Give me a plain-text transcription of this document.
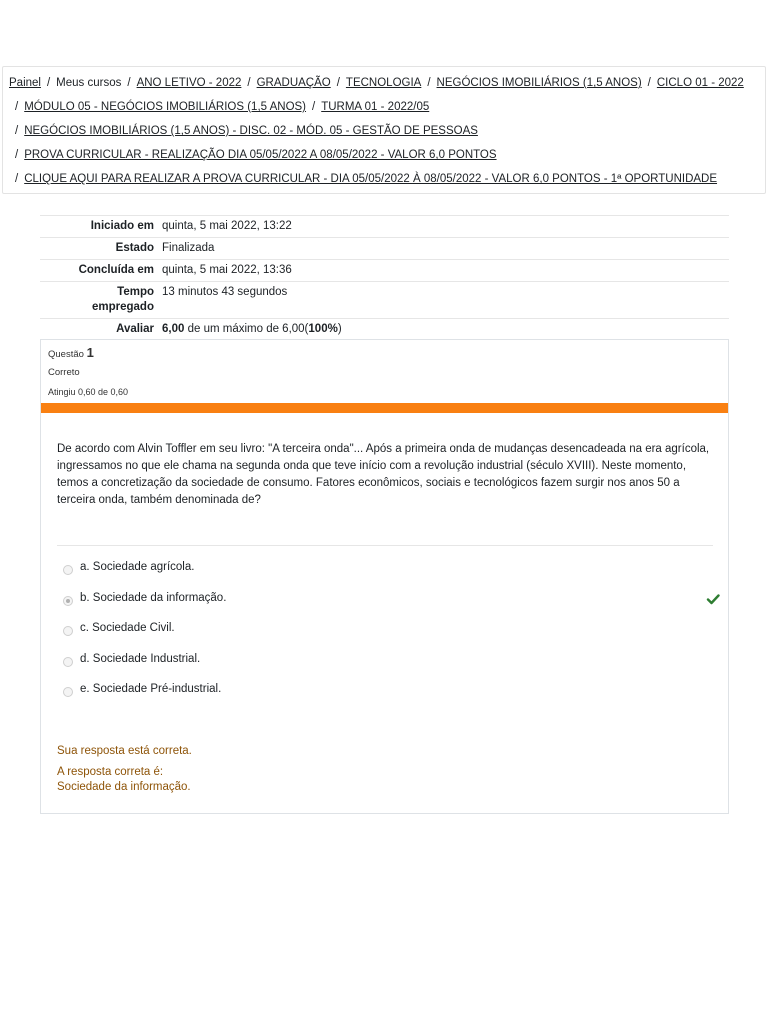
Painel / Meus cursos / ANO LETIVO - 2022 / GRADUAÇÃO / TECNOLOGIA / NEGÓCIOS IMOBILIÁRIOS (1,5 ANOS) / CICLO 01 - 2022
/ MÓDULO 05 - NEGÓCIOS IMOBILIÁRIOS (1,5 ANOS) / TURMA 01 - 2022/05
/ NEGÓCIOS IMOBILIÁRIOS (1,5 ANOS) - DISC. 02 - MÓD. 05 - GESTÃO DE PESSOAS
/ PROVA CURRICULAR - REALIZAÇÃO DIA 05/05/2022 A 08/05/2022 - VALOR 6,0 PONTOS
/ CLIQUE AQUI PARA REALIZAR A PROVA CURRICULAR - DIA 05/05/2022 À 08/05/2022 - VALOR 6,0 PONTOS - 1ª OPORTUNIDADE
Iniciado em quinta, 5 mai 2022, 13:22
Estado Finalizada
Concluída em quinta, 5 mai 2022, 13:36
Tempo
empregado
13 minutos 43 segundos
Avaliar 6,00 de um máximo de 6,00(100%)
Questão 1
Correto
Atingiu 0,60 de 0,60
De acordo com Alvin Toffler em seu livro: "A terceira onda"... Após a primeira onda de mudanças desencadeada na era agrícola, ingressamos no que ele chama na segunda onda que teve início com a revolução industrial (século XVIII). Neste momento, temos a concretização da sociedade de consumo. Fatores econômicos, sociais e tecnológicos fazem surgir nos anos 50 a terceira onda, também denominada de?
a. Sociedade agrícola.
b. Sociedade da informação.
c. Sociedade Civil.
d. Sociedade Industrial.
e. Sociedade Pré-industrial.
Sua resposta está correta.
A resposta correta é:
Sociedade da informação.
